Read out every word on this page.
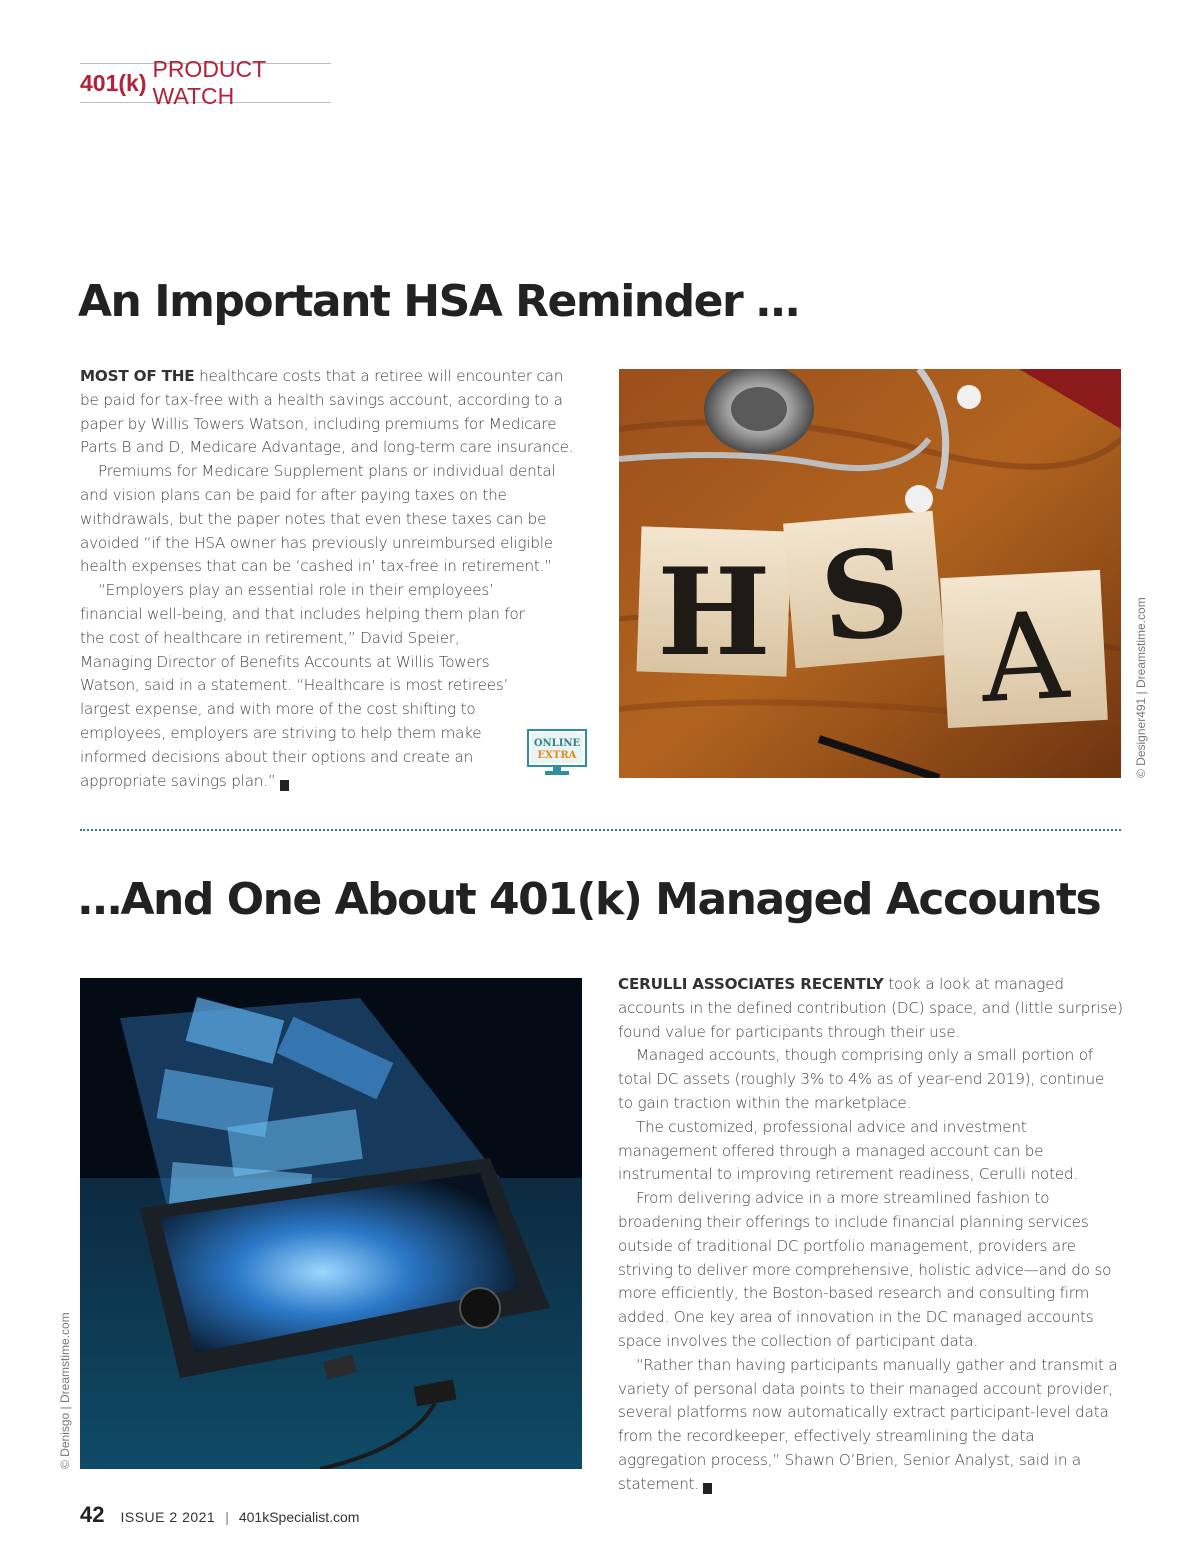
401(k)
PRODUCT WATCH
An Important HSA Reminder …

MOST OF THE healthcare costs that a retiree will encounter can be paid for tax-free with a health savings account, according to a paper by Willis Towers Watson, including premiums for Medicare Parts B and D, Medicare Advantage, and long-term care insurance.

Premiums for Medicare Supplement plans or individual dental and vision plans can be paid for after paying taxes on the withdrawals, but the paper notes that even these taxes can be avoided “if the HSA owner has previously unreimbursed eligible health expenses that can be ‘cashed in’ tax-free in retirement.”

“Employers play an essential role in their employees’ financial well-being, and that includes helping them plan for the cost of healthcare in retirement,” David Speier, Managing Director of Benefits Accounts at Willis Towers Watson, said in a statement. “Healthcare is most retirees’ largest expense, and with more of the cost shifting to employees, employers are striving to help them make informed decisions about their options and create an appropriate savings plan.” K

ONLINE
EXTRA
H S A	© Designer491 | Dreamstime.com
…And One About 401(k) Managed Accounts
© Denisgo | Dreamstime.com

CERULLI ASSOCIATES RECENTLY took a look at managed accounts in the defined contribution (DC) space, and (little surprise) found value for participants through their use.

Managed accounts, though comprising only a small portion of total DC assets (roughly 3% to 4% as of year-end 2019), continue to gain traction within the marketplace.

The customized, professional advice and investment management offered through a managed account can be instrumental to improving retirement readiness, Cerulli noted.

From delivering advice in a more streamlined fashion to broadening their offerings to include financial planning services outside of traditional DC portfolio management, providers are striving to deliver more comprehensive, holistic advice—and do so more efficiently, the Boston-based research and consulting firm added. One key area of innovation in the DC managed accounts space involves the collection of participant data.

“Rather than having participants manually gather and transmit a variety of personal data points to their managed account provider, several platforms now automatically extract participant-level data from the recordkeeper, effectively streamlining the data aggregation process,” Shawn O’Brien, Senior Analyst, said in a statement. K

42 ISSUE 2 2021 | 401kSpecialist.com
